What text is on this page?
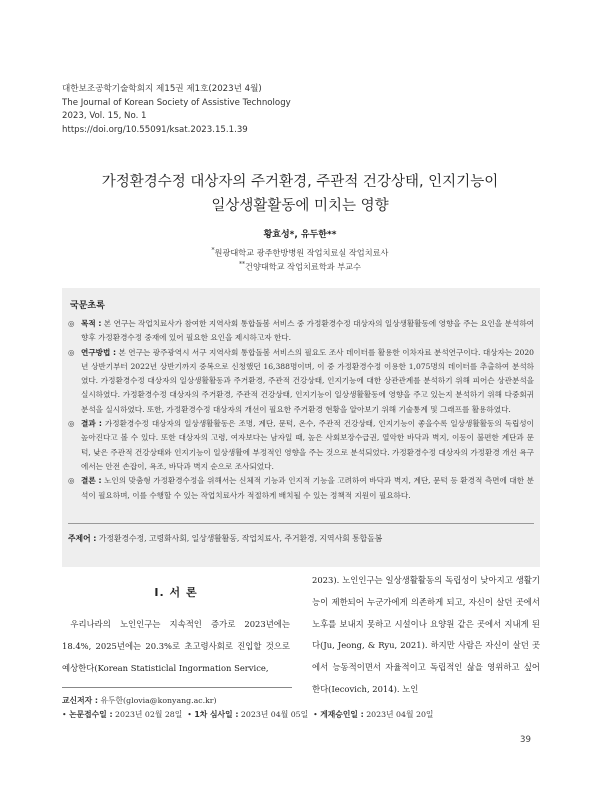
대한보조공학기술학회지 제15권 제1호(2023년 4월)
The Journal of Korean Society of Assistive Technology
2023, Vol. 15, No. 1
https://doi.org/10.55091/ksat.2023.15.1.39
가정환경수정 대상자의 주거환경, 주관적 건강상태, 인지기능이
일상생활활동에 미치는 영향
황효성*, 유두한**
*원광대학교 광주한방병원 작업치료실 작업치료사
**건양대학교 작업치료학과 부교수
국문초록
◎ 목적 : 본 연구는 작업치료사가 참여한 지역사회 통합돌봄 서비스 중 가정환경수정 대상자의 일상생활활동에 영향을 주는 요인을 분석하여 향후 가정환경수정 중재에 있어 필요한 요인을 제시하고자 한다.
◎ 연구방법 : 본 연구는 광주광역시 서구 지역사회 통합돌봄 서비스의 필요도 조사 데이터를 활용한 이차자료 분석연구이다. 대상자는 2020년 상반기부터 2022년 상반기까지 중복으로 신청했던 16,388명이며, 이 중 가정환경수정 이용한 1,075명의 데이터를 추출하여 분석하였다. 가정환경수정 대상자의 일상생활활동과 주거환경, 주관적 건강상태, 인지기능에 대한 상관관계를 분석하기 위해 피어슨 상관분석을 실시하였다. 가정환경수정 대상자의 주거환경, 주관적 건강상태, 인지기능이 일상생활활동에 영향을 주고 있는지 분석하기 위해 다중회귀분석을 실시하였다. 또한, 가정환경수정 대상자의 개선이 필요한 주거환경 현황을 알아보기 위해 기술통계 및 그래프를 활용하였다.
◎ 결과 : 가정환경수정 대상자의 일상생활활동은 조명, 계단, 문턱, 온수, 주관적 건강상태, 인지기능이 좋을수록 일상생활활동의 독립성이 높아진다고 볼 수 있다. 또한 대상자의 고령, 여자보다는 남자일 때, 높은 사회보장수급권, 열악한 바닥과 벽지, 이동이 불편한 계단과 문턱, 낮은 주관적 건강상태와 인지기능이 일상생활에 부정적인 영향을 주는 것으로 분석되었다. 가정환경수정 대상자의 가정환경 개선 욕구에서는 안전 손잡이, 욕조, 바닥과 벽지 순으로 조사되었다.
◎ 결론 : 노인의 맞춤형 가정환경수정을 위해서는 신체적 기능과 인지적 기능을 고려하여 바닥과 벽지, 계단, 문턱 등 환경적 측면에 대한 분석이 필요하며, 이를 수행할 수 있는 작업치료사가 적절하게 배치될 수 있는 정책적 지원이 필요하다.
주제어 : 가정환경수정, 고령화사회, 일상생활활동, 작업치료사, 주거환경, 지역사회 통합돌봄
I. 서 론

우리나라의 노인인구는 지속적인 증가로 2023년에는 18.4%, 2025년에는 20.3%로 초고령사회로 진입할 것으로 예상한다(Korean Statisticlal Ingormation Service,

2023). 노인인구는 일상생활활동의 독립성이 낮아지고 생활기능이 제한되어 누군가에게 의존하게 되고, 자신이 살던 곳에서 노후를 보내지 못하고 시설이나 요양원 같은 곳에서 지내게 된다(Ju, Jeong, & Ryu, 2021). 하지만 사람은 자신이 살던 곳에서 능동적이면서 자율적이고 독립적인 삶을 영위하고 싶어 한다(Iecovich, 2014). 노인

교신저자 : 유두한(glovia@konyang.ac.kr)
• 논문접수일 : 2023년 02월 28일  • 1차 심사일 : 2023년 04월 05일  • 게재승인일 : 2023년 04월 20일
39
